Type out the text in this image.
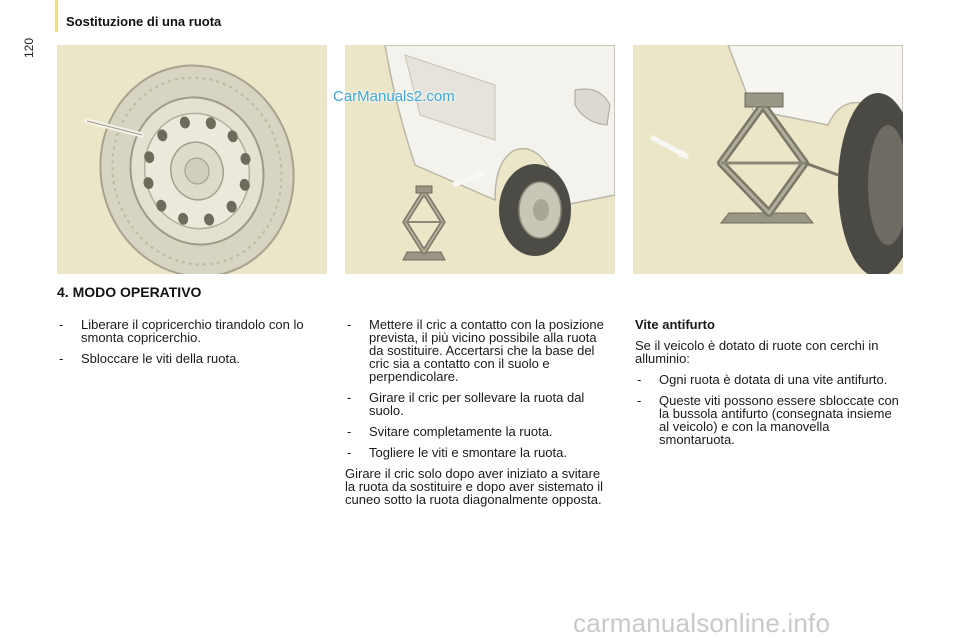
Sostituzione di una ruota
120
CarManuals2.com
4. MODO OPERATIVO
- Liberare il copricerchio tirandolo con lo smonta copricerchio.
- Sbloccare le viti della ruota.
- Mettere il cric a contatto con la posizione prevista, il più vicino possibile alla ruota da sostituire. Accertarsi che la base del cric sia a contatto con il suolo e perpendicolare.
- Girare il cric per sollevare la ruota dal suolo.
- Svitare completamente la ruota.
- Togliere le viti e smontare la ruota.

Girare il cric solo dopo aver iniziato a svitare la ruota da sostituire e dopo aver sistemato il cuneo sotto la ruota diagonalmente opposta.

Vite antifurto

Se il veicolo è dotato di ruote con cerchi in alluminio:

- Ogni ruota è dotata di una vite antifurto.
- Queste viti possono essere sbloccate con la bussola antifurto (consegnata insieme al veicolo) e con la manovella smontaruota.
carmanualsonline.info
